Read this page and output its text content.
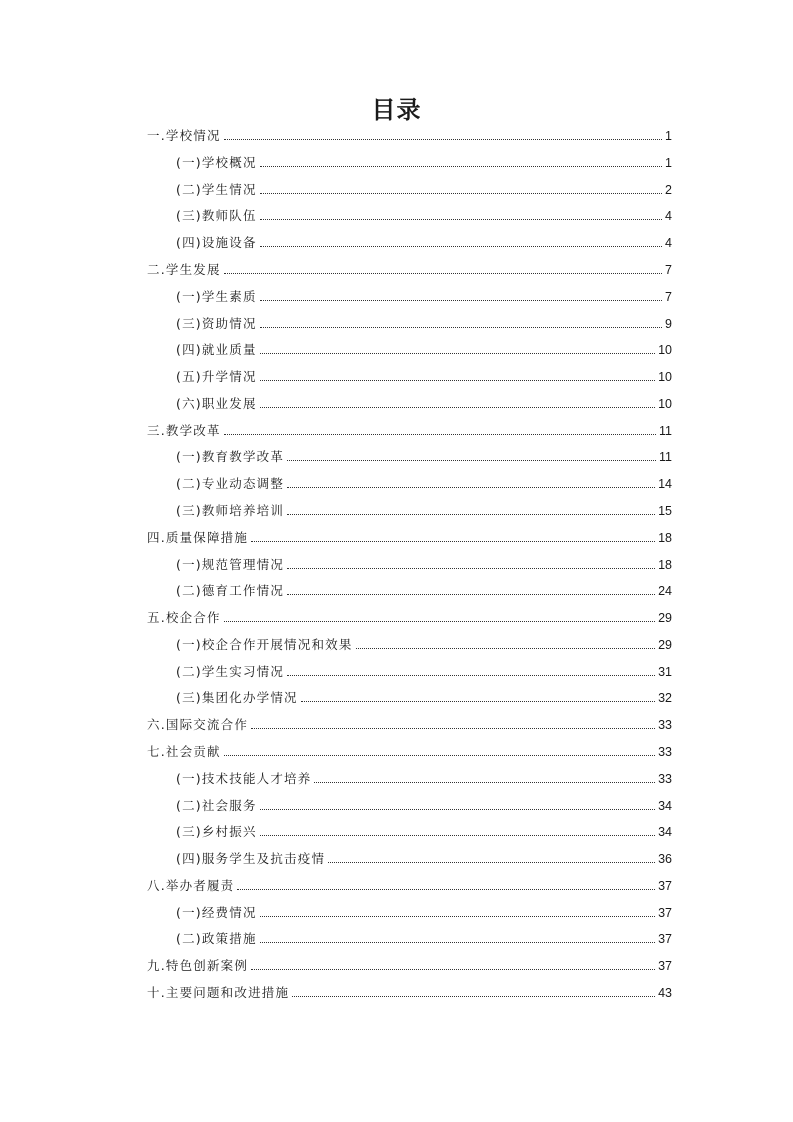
目录
一.学校情况	1
(一)学校概况	1
(二)学生情况	2
(三)教师队伍	4
(四)设施设备	4
二.学生发展	7
(一)学生素质	7
(三)资助情况	9
(四)就业质量	10
(五)升学情况	10
(六)职业发展	10
三.教学改革	11
(一)教育教学改革	11
(二)专业动态调整	14
(三)教师培养培训	15
四.质量保障措施	18
(一)规范管理情况	18
(二)德育工作情况	24
五.校企合作	29
(一)校企合作开展情况和效果	29
(二)学生实习情况	31
(三)集团化办学情况	32
六.国际交流合作	33
七.社会贡献	33
(一)技术技能人才培养	33
(二)社会服务	34
(三)乡村振兴	34
(四)服务学生及抗击疫情	36
八.举办者履责	37
(一)经费情况	37
(二)政策措施	37
九.特色创新案例	37
十.主要问题和改进措施	43
